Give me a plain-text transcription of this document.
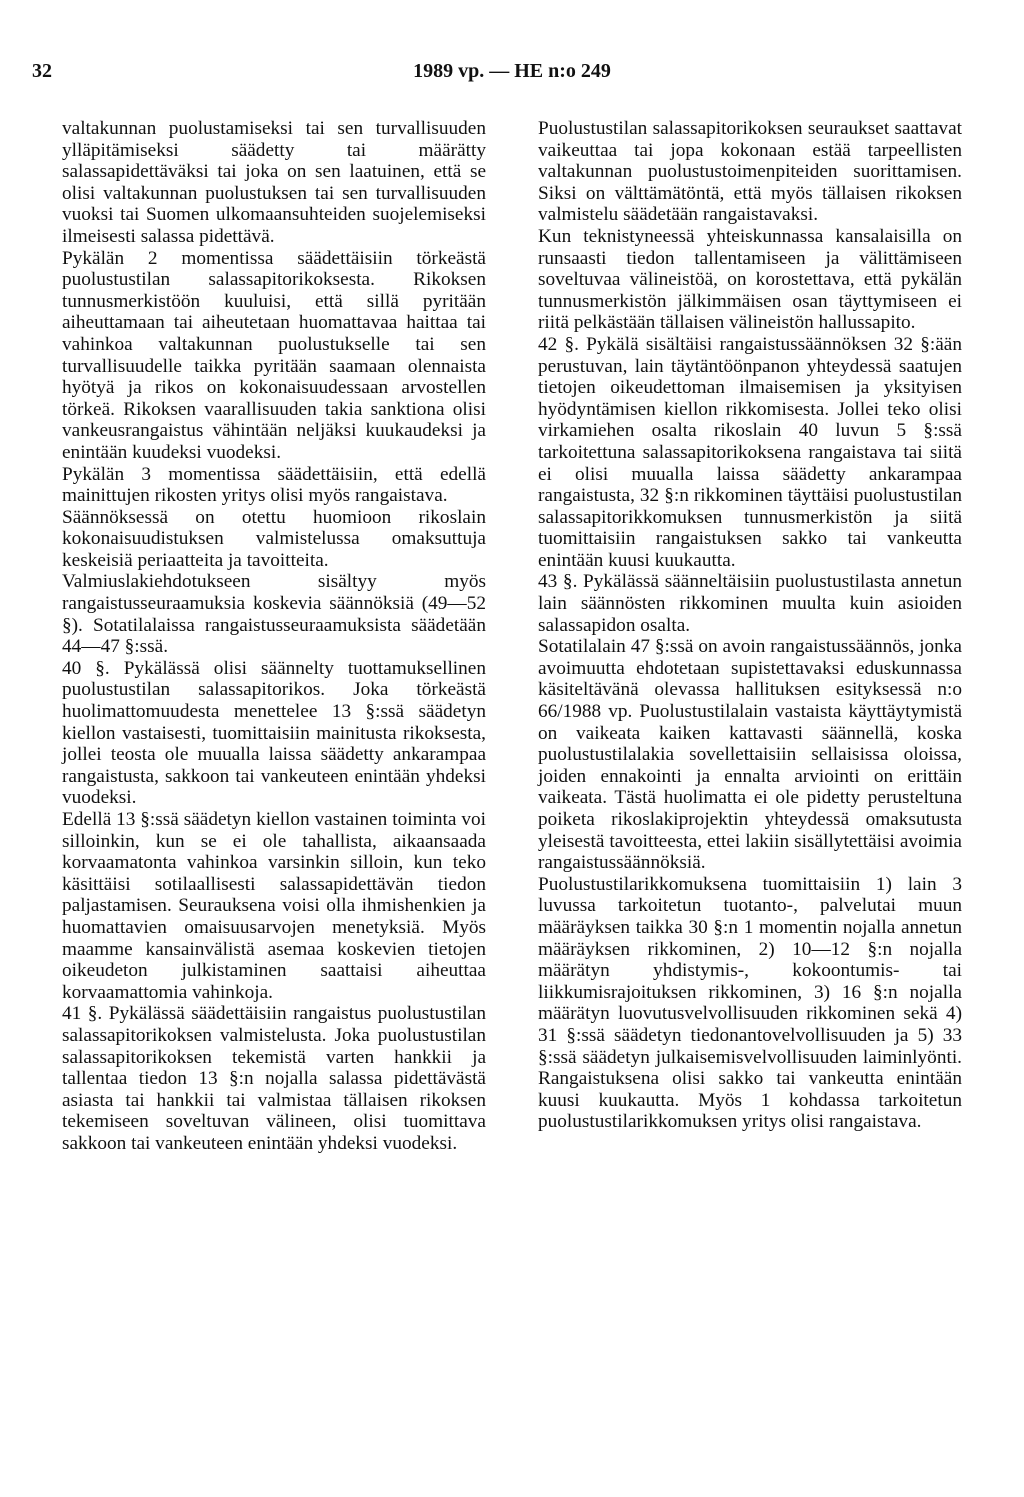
32	1989 vp. — HE n:o 249

valtakunnan puolustamiseksi tai sen turvallisuuden ylläpitämiseksi säädetty tai määrätty salassapidettäväksi tai joka on sen laatuinen, että se olisi valtakunnan puolustuksen tai sen turvallisuuden vuoksi tai Suomen ulkomaansuhteiden suojelemiseksi ilmeisesti salassa pidettävä.

Pykälän 2 momentissa säädettäisiin törkeästä puolustustilan salassapitorikoksesta. Rikoksen tunnusmerkistöön kuuluisi, että sillä pyritään aiheuttamaan tai aiheutetaan huomattavaa haittaa tai vahinkoa valtakunnan puolustukselle tai sen turvallisuudelle taikka pyritään saamaan olennaista hyötyä ja rikos on kokonaisuudessaan arvostellen törkeä. Rikoksen vaarallisuuden takia sanktiona olisi vankeusrangaistus vähintään neljäksi kuukaudeksi ja enintään kuudeksi vuodeksi.

Pykälän 3 momentissa säädettäisiin, että edellä mainittujen rikosten yritys olisi myös rangaistava.

Säännöksessä on otettu huomioon rikoslain kokonaisuudistuksen valmistelussa omaksuttuja keskeisiä periaatteita ja tavoitteita.

Valmiuslakiehdotukseen sisältyy myös rangaistusseuraamuksia koskevia säännöksiä (49—52 §). Sotatilalaissa rangaistusseuraamuksista säädetään 44—47 §:ssä.

40 §. Pykälässä olisi säännelty tuottamuksellinen puolustustilan salassapitorikos. Joka törkeästä huolimattomuudesta menettelee 13 §:ssä säädetyn kiellon vastaisesti, tuomittaisiin mainitusta rikoksesta, jollei teosta ole muualla laissa säädetty ankarampaa rangaistusta, sakkoon tai vankeuteen enintään yhdeksi vuodeksi.

Edellä 13 §:ssä säädetyn kiellon vastainen toiminta voi silloinkin, kun se ei ole tahallista, aikaansaada korvaamatonta vahinkoa varsinkin silloin, kun teko käsittäisi sotilaallisesti salassapidettävän tiedon paljastamisen. Seurauksena voisi olla ihmishenkien ja huomattavien omaisuusarvojen menetyksiä. Myös maamme kansainvälistä asemaa koskevien tietojen oikeudeton julkistaminen saattaisi aiheuttaa korvaamattomia vahinkoja.

41 §. Pykälässä säädettäisiin rangaistus puolustustilan salassapitorikoksen valmistelusta. Joka puolustustilan salassapitorikoksen tekemistä varten hankkii ja tallentaa tiedon 13 §:n nojalla salassa pidettävästä asiasta tai hankkii tai valmistaa tällaisen rikoksen tekemiseen soveltuvan välineen, olisi tuomittava sakkoon tai vankeuteen enintään yhdeksi vuodeksi.

Puolustustilan salassapitorikoksen seuraukset saattavat vaikeuttaa tai jopa kokonaan estää tarpeellisten valtakunnan puolustustoimenpiteiden suorittamisen. Siksi on välttämätöntä, että myös tällaisen rikoksen valmistelu säädetään rangaistavaksi.

Kun teknistyneessä yhteiskunnassa kansalaisilla on runsaasti tiedon tallentamiseen ja välittämiseen soveltuvaa välineistöä, on korostettava, että pykälän tunnusmerkistön jälkimmäisen osan täyttymiseen ei riitä pelkästään tällaisen välineistön hallussapito.

42 §. Pykälä sisältäisi rangaistussäännöksen 32 §:ään perustuvan, lain täytäntöönpanon yhteydessä saatujen tietojen oikeudettoman ilmaisemisen ja yksityisen hyödyntämisen kiellon rikkomisesta. Jollei teko olisi virkamiehen osalta rikoslain 40 luvun 5 §:ssä tarkoitettuna salassapitorikoksena rangaistava tai siitä ei olisi muualla laissa säädetty ankarampaa rangaistusta, 32 §:n rikkominen täyttäisi puolustustilan salassapitorikkomuksen tunnusmerkistön ja siitä tuomittaisiin rangaistuksen sakko tai vankeutta enintään kuusi kuukautta.

43 §. Pykälässä säänneltäisiin puolustustilasta annetun lain säännösten rikkominen muulta kuin asioiden salassapidon osalta.

Sotatilalain 47 §:ssä on avoin rangaistussäännös, jonka avoimuutta ehdotetaan supistettavaksi eduskunnassa käsiteltävänä olevassa hallituksen esityksessä n:o 66/1988 vp. Puolustustilalain vastaista käyttäytymistä on vaikeata kaiken kattavasti säännellä, koska puolustustilalakia sovellettaisiin sellaisissa oloissa, joiden ennakointi ja ennalta arviointi on erittäin vaikeata. Tästä huolimatta ei ole pidetty perusteltuna poiketa rikoslakiprojektin yhteydessä omaksutusta yleisestä tavoitteesta, ettei lakiin sisällytettäisi avoimia rangaistussäännöksiä.

Puolustustilarikkomuksena tuomittaisiin 1) lain 3 luvussa tarkoitetun tuotanto-, palvelutai muun määräyksen taikka 30 §:n 1 momentin nojalla annetun määräyksen rikkominen, 2) 10—12 §:n nojalla määrätyn yhdistymis-, kokoontumis- tai liikkumisrajoituksen rikkominen, 3) 16 §:n nojalla määrätyn luovutusvelvollisuuden rikkominen sekä 4) 31 §:ssä säädetyn tiedonantovelvollisuuden ja 5) 33 §:ssä säädetyn julkaisemisvelvollisuuden laiminlyönti. Rangaistuksena olisi sakko tai vankeutta enintään kuusi kuukautta. Myös 1 kohdassa tarkoitetun puolustustilarikkomuksen yritys olisi rangaistava.
